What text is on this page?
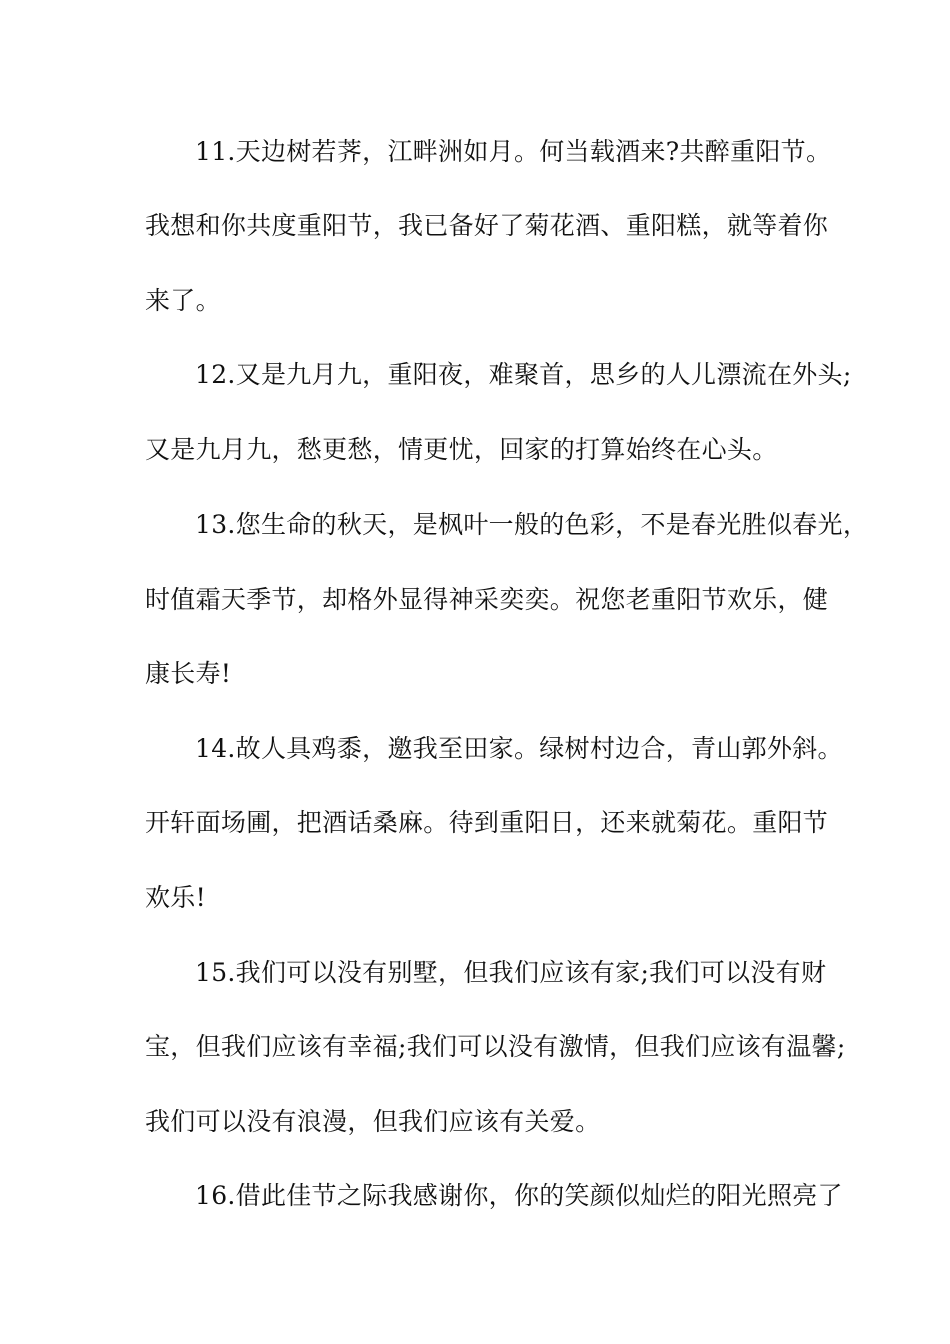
11.天边树若荠，江畔洲如月。何当载酒来?共醉重阳节。
我想和你共度重阳节，我已备好了菊花酒、重阳糕，就等着你
来了。
12.又是九月九，重阳夜，难聚首，思乡的人儿漂流在外头;
又是九月九，愁更愁，情更忧，回家的打算始终在心头。
13.您生命的秋天，是枫叶一般的色彩，不是春光胜似春光，
时值霜天季节，却格外显得神采奕奕。祝您老重阳节欢乐，健
康长寿!
14.故人具鸡黍，邀我至田家。绿树村边合，青山郭外斜。
开轩面场圃，把酒话桑麻。待到重阳日，还来就菊花。重阳节
欢乐!
15.我们可以没有别墅，但我们应该有家;我们可以没有财
宝，但我们应该有幸福;我们可以没有激情，但我们应该有温馨;
我们可以没有浪漫，但我们应该有关爱。
16.借此佳节之际我感谢你，你的笑颜似灿烂的阳光照亮了
